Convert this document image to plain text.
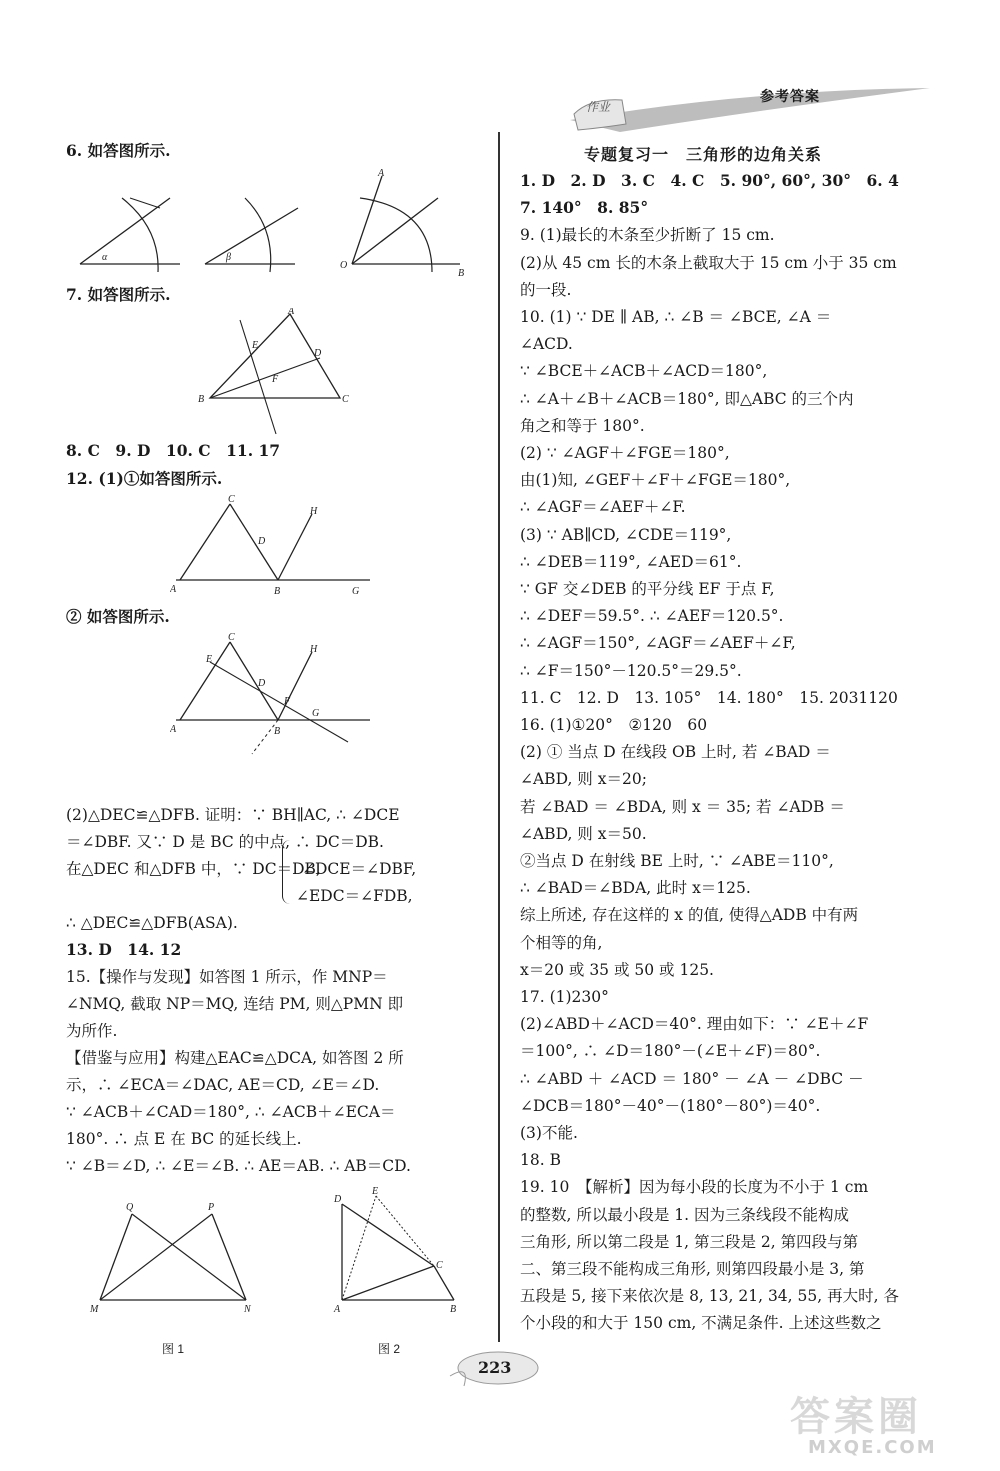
作业
参考答案
6. 如答图所示.
α	β
O
B
A
7. 如答图所示.
A
B	C
D
E
F
8. C　9. D　10. C　11. 17
12. (1)①如答图所示.
C
A	B
D
H
G
② 如答图所示.
C
A	B
E
D
F
H
G
(2)△DEC≌△DFB. 证明：∵ BH∥AC, ∴ ∠DCE
＝∠DBF. 又∵ D 是 BC 的中点, ∴ DC＝DB.
∠DCE＝∠DBF,
在△DEC 和△DFB 中，∵ DC＝DB,
∠EDC＝∠FDB,
∴ △DEC≌△DFB(ASA).
13. D　14. 12
15.【操作与发现】如答图 1 所示，作 MNP＝
∠NMQ, 截取 NP＝MQ, 连结 PM, 则△PMN 即
为所作.
【借鉴与应用】构建△EAC≌△DCA, 如答图 2 所
示，∴ ∠ECA＝∠DAC, AE＝CD, ∠E＝∠D.
∵ ∠ACB＋∠CAD＝180°, ∴ ∠ACB＋∠ECA＝
180°. ∴ 点 E 在 BC 的延长线上.
∵ ∠B＝∠D, ∴ ∠E＝∠B. ∴ AE＝AB. ∴ AB＝CD.
Q	P
M	N
图 1
D
E
C
A	B
图 2
专题复习一　三角形的边角关系
1. D　2. D　3. C　4. C　5. 90°, 60°, 30°　6. 4
7. 140°　8. 85°
9. (1)最长的木条至少折断了 15 cm.
(2)从 45 cm 长的木条上截取大于 15 cm 小于 35 cm
的一段.
10. (1) ∵ DE ∥ AB, ∴ ∠B ＝ ∠BCE, ∠A ＝
∠ACD.
∵ ∠BCE＋∠ACB＋∠ACD＝180°,
∴ ∠A＋∠B＋∠ACB＝180°, 即△ABC 的三个内
角之和等于 180°.
(2) ∵ ∠AGF＋∠FGE＝180°,
由(1)知, ∠GEF＋∠F＋∠FGE＝180°,
∴ ∠AGF＝∠AEF＋∠F.
(3) ∵ AB∥CD, ∠CDE＝119°,
∴ ∠DEB＝119°, ∠AED＝61°.
∵ GF 交∠DEB 的平分线 EF 于点 F,
∴ ∠DEF＝59.5°. ∴ ∠AEF＝120.5°.
∴ ∠AGF＝150°, ∠AGF＝∠AEF＋∠F,
∴ ∠F＝150°－120.5°＝29.5°.
11. C　12. D　13. 105°　14. 180°　15. 2031120
16. (1)①20°　②120　60
(2) ① 当点 D 在线段 OB 上时, 若 ∠BAD ＝
∠ABD, 则 x＝20;
若 ∠BAD ＝ ∠BDA, 则 x ＝ 35; 若 ∠ADB ＝
∠ABD, 则 x＝50.
②当点 D 在射线 BE 上时, ∵ ∠ABE＝110°,
∴ ∠BAD＝∠BDA, 此时 x＝125.
综上所述, 存在这样的 x 的值, 使得△ADB 中有两
个相等的角,
x＝20 或 35 或 50 或 125.
17. (1)230°
(2)∠ABD＋∠ACD＝40°. 理由如下：∵ ∠E＋∠F
＝100°, ∴ ∠D＝180°－(∠E＋∠F)＝80°.
∴ ∠ABD ＋ ∠ACD ＝ 180° － ∠A － ∠DBC －
∠DCB＝180°－40°－(180°－80°)＝40°.
(3)不能.
18. B
19. 10　【解析】因为每小段的长度为不小于 1 cm
的整数, 所以最小段是 1. 因为三条线段不能构成
三角形, 所以第二段是 1, 第三段是 2, 第四段与第
二、第三段不能构成三角形, 则第四段最小是 3, 第
五段是 5, 接下来依次是 8, 13, 21, 34, 55, 再大时, 各
个小段的和大于 150 cm, 不满足条件. 上述这些数之
223
答案圈
MXQE.COM
